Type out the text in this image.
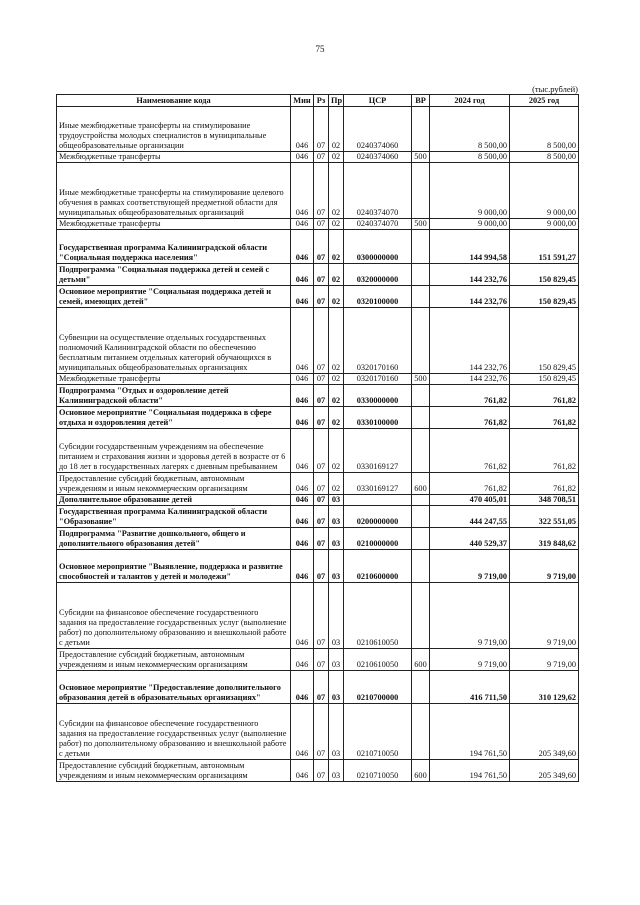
75
(тыс.рублей)
Наименование кода	Мин	Рз	Пр	ЦСР	ВР	2024 год	2025 год
Иные межбюджетные трансферты на стимулирование трудоустройства молодых специалистов в муниципальные общеобразовательные организации	046	07	02	0240374060		8 500,00	8 500,00
Межбюджетные трансферты	046	07	02	0240374060	500	8 500,00	8 500,00
Иные межбюджетные трансферты на стимулирование целевого обучения в рамках соответствующей предметной области для муниципальных общеобразовательных организаций	046	07	02	0240374070		9 000,00	9 000,00
Межбюджетные трансферты	046	07	02	0240374070	500	9 000,00	9 000,00
Государственная программа Калининградской области "Социальная поддержка населения"	046	07	02	0300000000		144 994,58	151 591,27
Подпрограмма "Социальная поддержка детей и семей с детьми"	046	07	02	0320000000		144 232,76	150 829,45
Основное мероприятие "Социальная поддержка детей и семей, имеющих детей"	046	07	02	0320100000		144 232,76	150 829,45
Субвенции на осуществление отдельных государственных полномочий Калининградской области по обеспечению бесплатным питанием отдельных категорий обучающихся в муниципальных общеобразовательных организациях	046	07	02	0320170160		144 232,76	150 829,45
Межбюджетные трансферты	046	07	02	0320170160	500	144 232,76	150 829,45
Подпрограмма "Отдых и оздоровление детей Калининградской области"	046	07	02	0330000000		761,82	761,82
Основное мероприятие "Социальная поддержка в сфере отдыха и оздоровления детей"	046	07	02	0330100000		761,82	761,82
Субсидии государственным учреждениям на обеспечение питанием и страхования жизни и здоровья детей в возрасте от 6 до 18 лет в государственных лагерях с дневным пребыванием	046	07	02	0330169127		761,82	761,82
Предоставление субсидий бюджетным, автономным учреждениям и иным некоммерческим организациям	046	07	02	0330169127	600	761,82	761,82
Дополнительное образование детей	046	07	03			470 405,01	348 708,51
Государственная программа Калининградской области "Образование"	046	07	03	0200000000		444 247,55	322 551,05
Подпрограмма "Развитие дошкольного, общего и дополнительного образования детей"	046	07	03	0210000000		440 529,37	319 848,62
Основное мероприятие "Выявление, поддержка и развитие способностей и талантов у детей и молодежи"	046	07	03	0210600000		9 719,00	9 719,00
Субсидии на финансовое обеспечение государственного задания на предоставление государственных услуг (выполнение работ) по дополнительному образованию и внешкольной работе с детьми	046	07	03	0210610050		9 719,00	9 719,00
Предоставление субсидий бюджетным, автономным учреждениям и иным некоммерческим организациям	046	07	03	0210610050	600	9 719,00	9 719,00
Основное мероприятие "Предоставление дополнительного образования детей в образовательных организациях"	046	07	03	0210700000		416 711,50	310 129,62
Субсидии на финансовое обеспечение государственного задания на предоставление государственных услуг (выполнение работ) по дополнительному образованию и внешкольной работе с детьми	046	07	03	0210710050		194 761,50	205 349,60
Предоставление субсидий бюджетным, автономным учреждениям и иным некоммерческим организациям	046	07	03	0210710050	600	194 761,50	205 349,60
